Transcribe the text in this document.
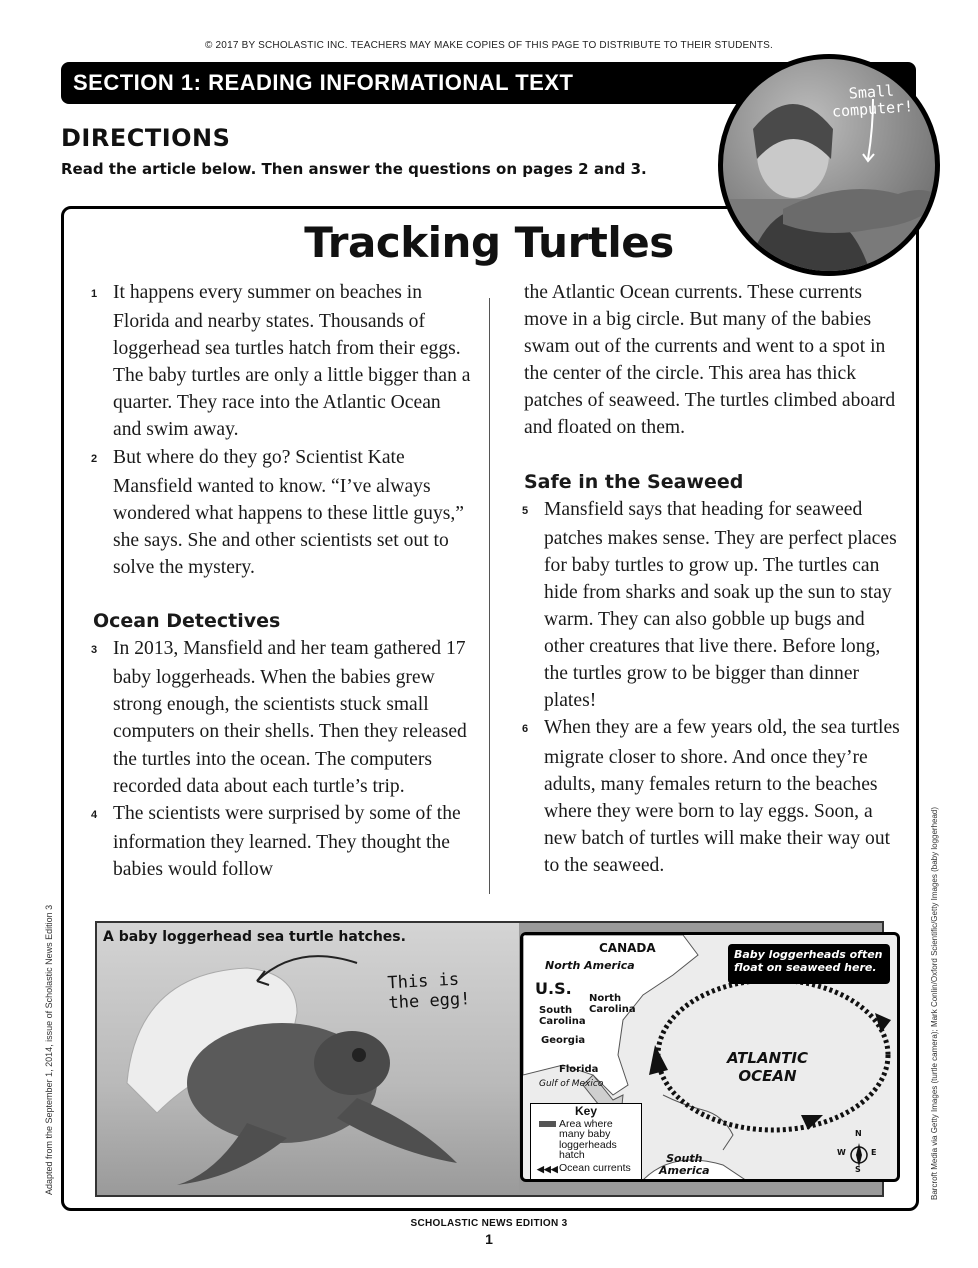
© 2017 BY SCHOLASTIC INC. TEACHERS MAY MAKE COPIES OF THIS PAGE TO DISTRIBUTE TO THEIR STUDENTS.
SECTION 1: READING INFORMATIONAL TEXT
DIRECTIONS
Read the article below. Then answer the questions on pages 2 and 3.
Small
computer!
Tracking Turtles

1 It happens every summer on beaches in Florida and nearby states. Thousands of loggerhead sea turtles hatch from their eggs. The baby turtles are only a little bigger than a quarter. They race into the Atlantic Ocean and swim away.

2 But where do they go? Scientist Kate Mansfield wanted to know. “I’ve always wondered what happens to these little guys,” she says. She and other scientists set out to solve the mystery.

Ocean Detectives

3 In 2013, Mansfield and her team gathered 17 baby loggerheads. When the babies grew strong enough, the scientists stuck small computers on their shells. Then they released the turtles into the ocean. The computers recorded data about each turtle’s trip.

4 The scientists were surprised by some of the information they learned. They thought the babies would follow

the Atlantic Ocean currents. These currents move in a big circle. But many of the babies swam out of the currents and went to a spot in the center of the circle. This area has thick patches of seaweed. The turtles climbed aboard and floated on them.

Safe in the Seaweed

5 Mansfield says that heading for seaweed patches makes sense. They are perfect places for baby turtles to grow up. The turtles can hide from sharks and soak up the sun to stay warm. They can also gobble up bugs and other creatures that live there. Before long, the turtles grow to be bigger than dinner plates!

6 When they are a few years old, the sea turtles migrate closer to shore. And once they’re adults, many females return to the beaches where they were born to lay eggs. Soon, a new batch of turtles will make their way out to the seaweed.

A baby loggerhead sea turtle hatches.
This is
the egg!
CANADA
North America
U.S.
North
Carolina
South
Carolina
Georgia
Florida
Gulf of Mexico
ATLANTIC
OCEAN
South
America
N
S
E
W
Baby loggerheads often float on seaweed here.
Key
Area where many baby loggerheads hatch
◀◀◀ Ocean currents
Adapted from the September 1, 2014, issue of Scholastic News Edition 3	Barcroft Media via Getty Images (turtle camera); Mark Conlin/Oxford Scientific/Getty Images (baby loggerhead)
SCHOLASTIC NEWS EDITION 3
1
